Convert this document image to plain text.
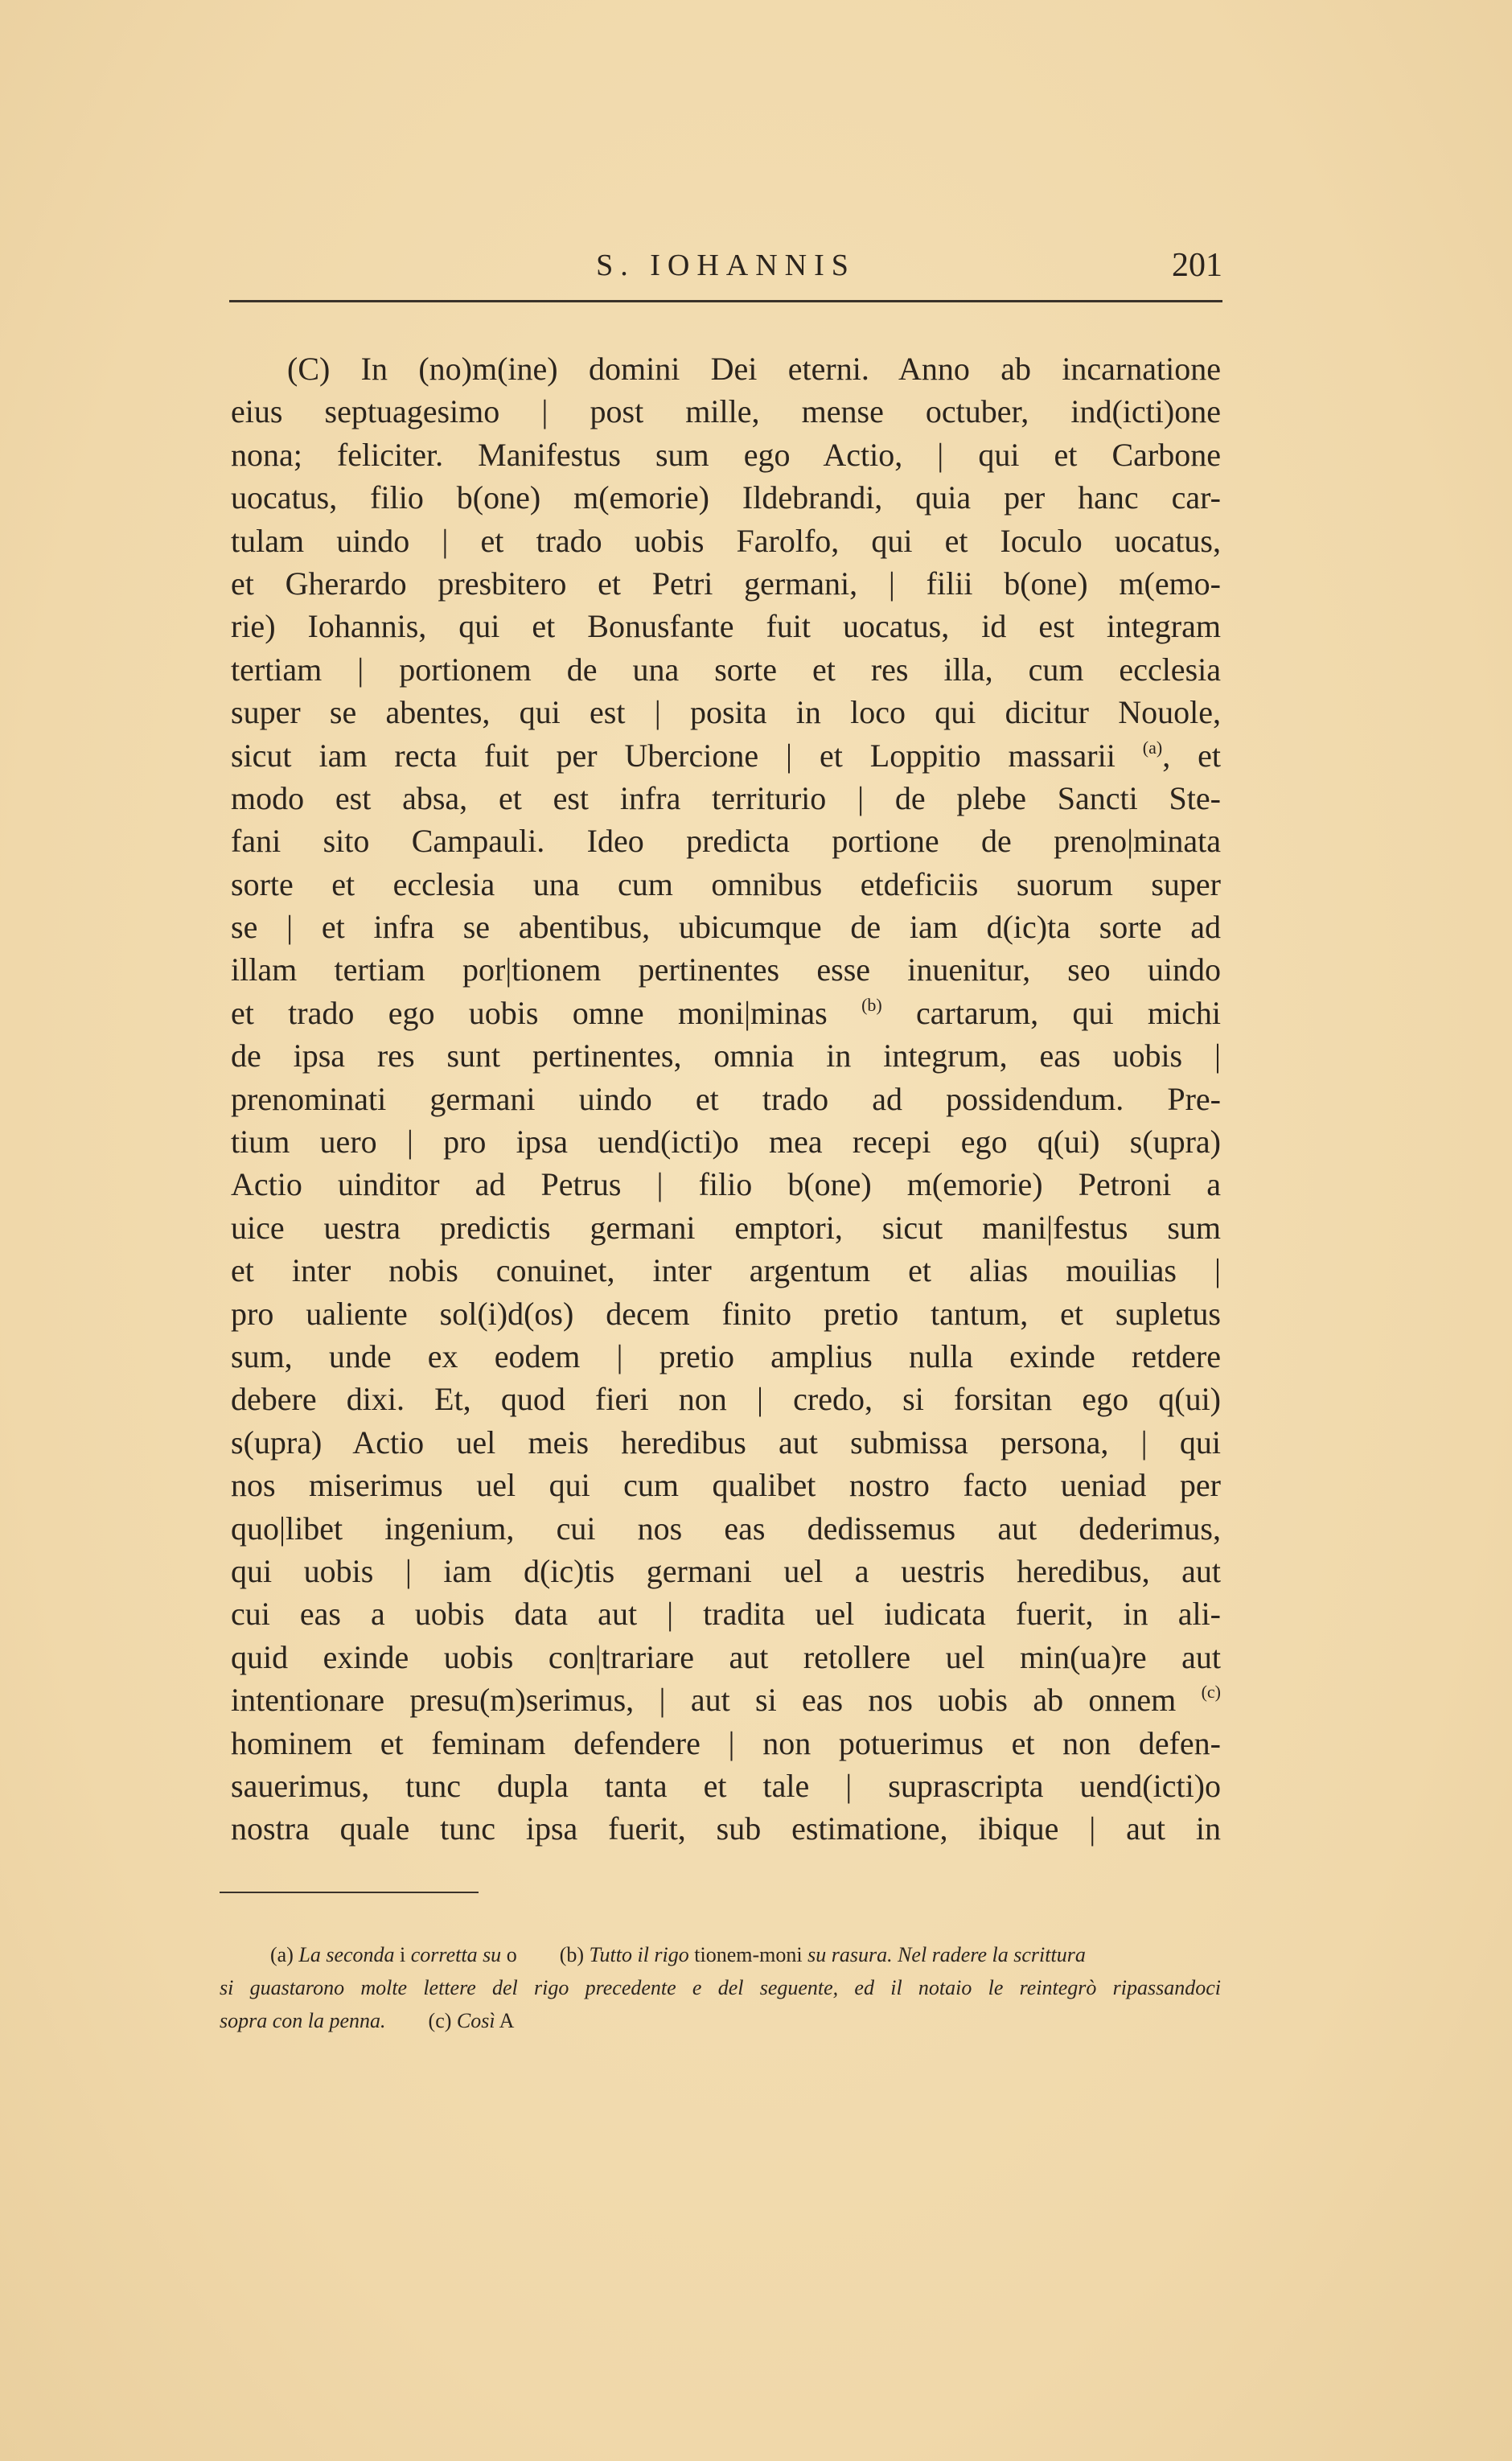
S. IOHANNIS	201
(C) In (no)m(ine) domini Dei eterni. Anno ab incarnatione
eius septuagesimo | post mille, mense octuber, ind(icti)one
nona; feliciter. Manifestus sum ego Actio, | qui et Carbone
uocatus, filio b(one) m(emorie) Ildebrandi, quia per hanc car-
tulam uindo | et trado uobis Farolfo, qui et Ioculo uocatus,
et Gherardo presbitero et Petri germani, | filii b(one) m(emo-
rie) Iohannis, qui et Bonusfante fuit uocatus, id est integram
tertiam | portionem de una sorte et res illa, cum ecclesia
super se abentes, qui est | posita in loco qui dicitur Nouole,
sicut iam recta fuit per Ubercione | et Loppitio massarii $^{(a)}$, et
modo est absa, et est infra territurio | de plebe Sancti Ste-
fani sito Campauli. Ideo predicta portione de preno|minata
sorte et ecclesia una cum omnibus etdeficiis suorum super
se | et infra se abentibus, ubicumque de iam d(ic)ta sorte ad
illam tertiam por|tionem pertinentes esse inuenitur, seo uindo
et trado ego uobis omne moni|minas $^{(b)}$ cartarum, qui michi
de ipsa res sunt pertinentes, omnia in integrum, eas uobis |
prenominati germani uindo et trado ad possidendum. Pre-
tium uero | pro ipsa uend(icti)o mea recepi ego q(ui) s(upra)
Actio uinditor ad Petrus | filio b(one) m(emorie) Petroni a
uice uestra predictis germani emptori, sicut mani|festus sum
et inter nobis conuinet, inter argentum et alias mouilias |
pro ualiente sol(i)d(os) decem finito pretio tantum, et supletus
sum, unde ex eodem | pretio amplius nulla exinde retdere
debere dixi. Et, quod fieri non | credo, si forsitan ego q(ui)
s(upra) Actio uel meis heredibus aut submissa persona, | qui
nos miserimus uel qui cum qualibet nostro facto ueniad per
quo|libet ingenium, cui nos eas dedissemus aut dederimus,
qui uobis | iam d(ic)tis germani uel a uestris heredibus, aut
cui eas a uobis data aut | tradita uel iudicata fuerit, in ali-
quid exinde uobis con|trariare aut retollere uel min(ua)re aut
intentionare presu(m)serimus, | aut si eas nos uobis ab onnem $^{(c)}$
hominem et feminam defendere | non potuerimus et non defen-
sauerimus, tunc dupla tanta et tale | suprascripta uend(icti)o
nostra quale tunc ipsa fuerit, sub estimatione, ibique | aut in
(a) La seconda i corretta su o (b) Tutto il rigo tionem-moni su rasura. Nel radere la scrittura
si guastarono molte lettere del rigo precedente e del seguente, ed il notaio le reintegrò ripassandoci
sopra con la penna. (c) Così A
